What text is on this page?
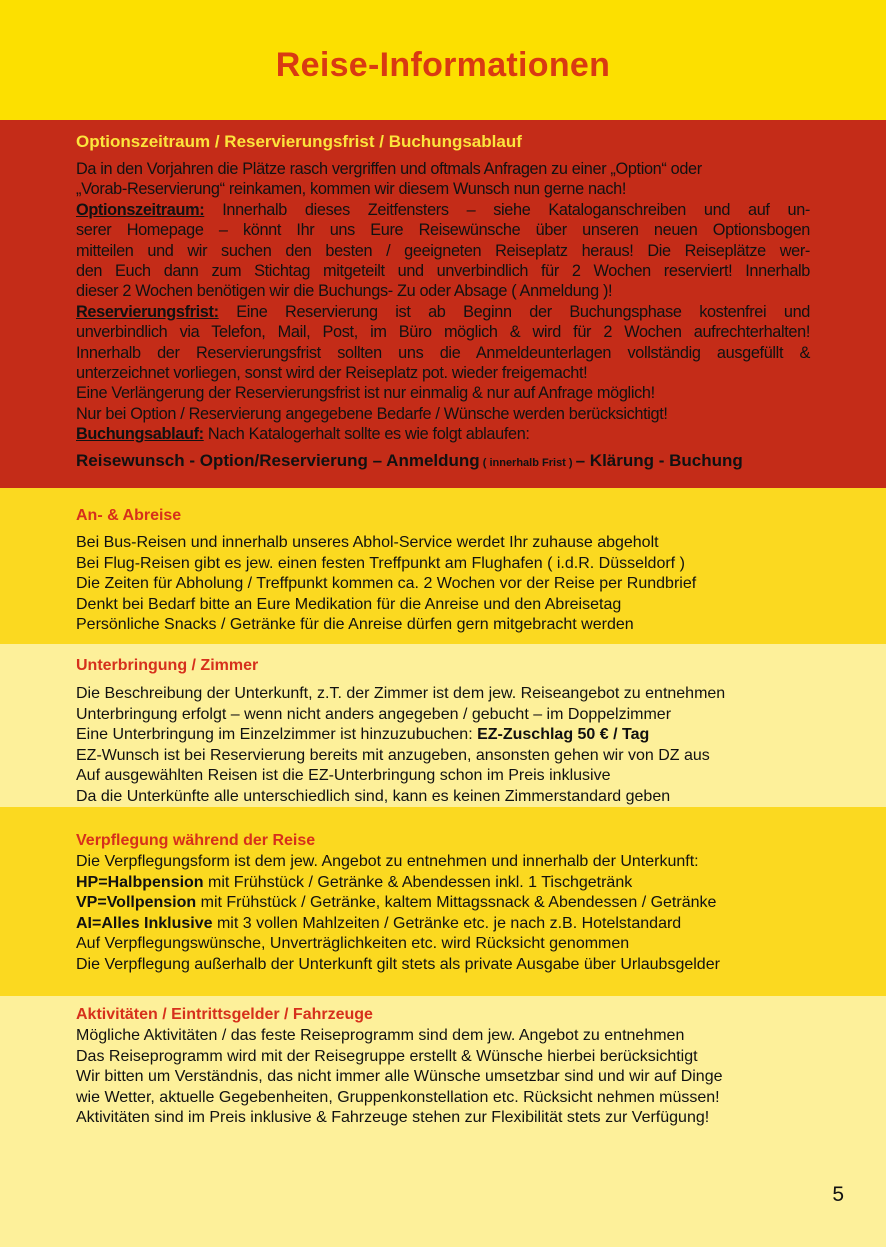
Reise-Informationen
Optionszeitraum / Reservierungsfrist / Buchungsablauf
Da in den Vorjahren die Plätze rasch vergriffen und oftmals Anfragen zu einer „Option“ oder
„Vorab-Reservierung“ reinkamen, kommen wir diesem Wunsch nun gerne nach!
Optionszeitraum: Innerhalb dieses Zeitfensters – siehe Kataloganschreiben und auf un-
serer Homepage – könnt Ihr uns Eure Reisewünsche über unseren neuen Optionsbogen
mitteilen und wir suchen den besten / geeigneten Reiseplatz heraus! Die Reiseplätze wer-
den Euch dann zum Stichtag mitgeteilt und unverbindlich für 2 Wochen reserviert! Innerhalb
dieser 2 Wochen benötigen wir die Buchungs- Zu oder Absage ( Anmeldung )!
Reservierungsfrist: Eine Reservierung ist ab Beginn der Buchungsphase kostenfrei und
unverbindlich via Telefon, Mail, Post, im Büro möglich & wird für 2 Wochen aufrechterhalten!
Innerhalb der Reservierungsfrist sollten uns die Anmeldeunterlagen vollständig ausgefüllt &
unterzeichnet vorliegen, sonst wird der Reiseplatz pot. wieder freigemacht!
Eine Verlängerung der Reservierungsfrist ist nur einmalig & nur auf Anfrage möglich!
Nur bei Option / Reservierung angegebene Bedarfe / Wünsche werden berücksichtigt!
Buchungsablauf: Nach Katalogerhalt sollte es wie folgt ablaufen:
Reisewunsch - Option/Reservierung – Anmeldung ( innerhalb Frist ) – Klärung - Buchung
An- & Abreise
Bei Bus-Reisen und innerhalb unseres Abhol-Service werdet Ihr zuhause abgeholt
Bei Flug-Reisen gibt es jew. einen festen Treffpunkt am Flughafen ( i.d.R. Düsseldorf )
Die Zeiten für Abholung / Treffpunkt kommen ca. 2 Wochen vor der Reise per Rundbrief
Denkt bei Bedarf bitte an Eure Medikation für die Anreise und den Abreisetag
Persönliche Snacks / Getränke für die Anreise dürfen gern mitgebracht werden
Unterbringung / Zimmer
Die Beschreibung der Unterkunft, z.T. der Zimmer ist dem jew. Reiseangebot zu entnehmen
Unterbringung erfolgt – wenn nicht anders angegeben / gebucht – im Doppelzimmer
Eine Unterbringung im Einzelzimmer ist hinzuzubuchen: EZ-Zuschlag 50 € / Tag
EZ-Wunsch ist bei Reservierung bereits mit anzugeben, ansonsten gehen wir von DZ aus
Auf ausgewählten Reisen ist die EZ-Unterbringung schon im Preis inklusive
Da die Unterkünfte alle unterschiedlich sind, kann es keinen Zimmerstandard geben
Verpflegung während der Reise
Die Verpflegungsform ist dem jew. Angebot zu entnehmen und innerhalb der Unterkunft:
HP=Halbpension mit Frühstück / Getränke & Abendessen inkl. 1 Tischgetränk
VP=Vollpension mit Frühstück / Getränke, kaltem Mittagssnack & Abendessen / Getränke
AI=Alles Inklusive mit 3 vollen Mahlzeiten / Getränke etc. je nach z.B. Hotelstandard
Auf Verpflegungswünsche, Unverträglichkeiten etc. wird Rücksicht genommen
Die Verpflegung außerhalb der Unterkunft gilt stets als private Ausgabe über Urlaubsgelder
Aktivitäten / Eintrittsgelder / Fahrzeuge
Mögliche Aktivitäten / das feste Reiseprogramm sind dem jew. Angebot zu entnehmen
Das Reiseprogramm wird mit der Reisegruppe erstellt & Wünsche hierbei berücksichtigt
Wir bitten um Verständnis, das nicht immer alle Wünsche umsetzbar sind und wir auf Dinge
wie Wetter, aktuelle Gegebenheiten, Gruppenkonstellation etc. Rücksicht nehmen müssen!
Aktivitäten sind im Preis inklusive & Fahrzeuge stehen zur Flexibilität stets zur Verfügung!
5
